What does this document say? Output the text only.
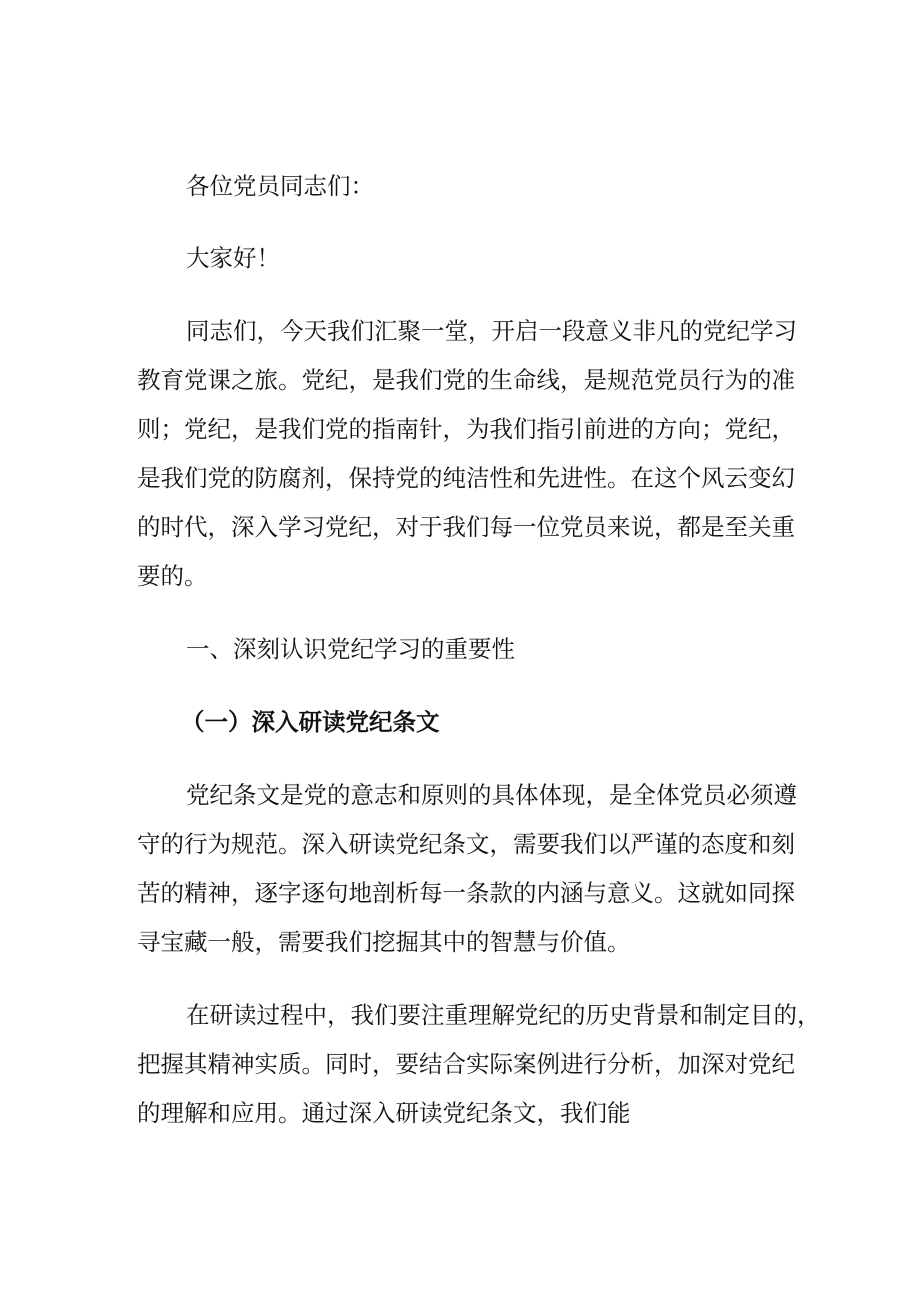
各位党员同志们：
大家好！
同志们，今天我们汇聚一堂，开启一段意义非凡的党纪学习
教育党课之旅。党纪，是我们党的生命线，是规范党员行为的准
则；党纪，是我们党的指南针，为我们指引前进的方向；党纪，
是我们党的防腐剂，保持党的纯洁性和先进性。在这个风云变幻
的时代，深入学习党纪，对于我们每一位党员来说，都是至关重
要的。
一、深刻认识党纪学习的重要性
（一）深入研读党纪条文
党纪条文是党的意志和原则的具体体现，是全体党员必须遵
守的行为规范。深入研读党纪条文，需要我们以严谨的态度和刻
苦的精神，逐字逐句地剖析每一条款的内涵与意义。这就如同探
寻宝藏一般，需要我们挖掘其中的智慧与价值。
在研读过程中，我们要注重理解党纪的历史背景和制定目的，
把握其精神实质。同时，要结合实际案例进行分析，加深对党纪
的理解和应用。通过深入研读党纪条文，我们能
